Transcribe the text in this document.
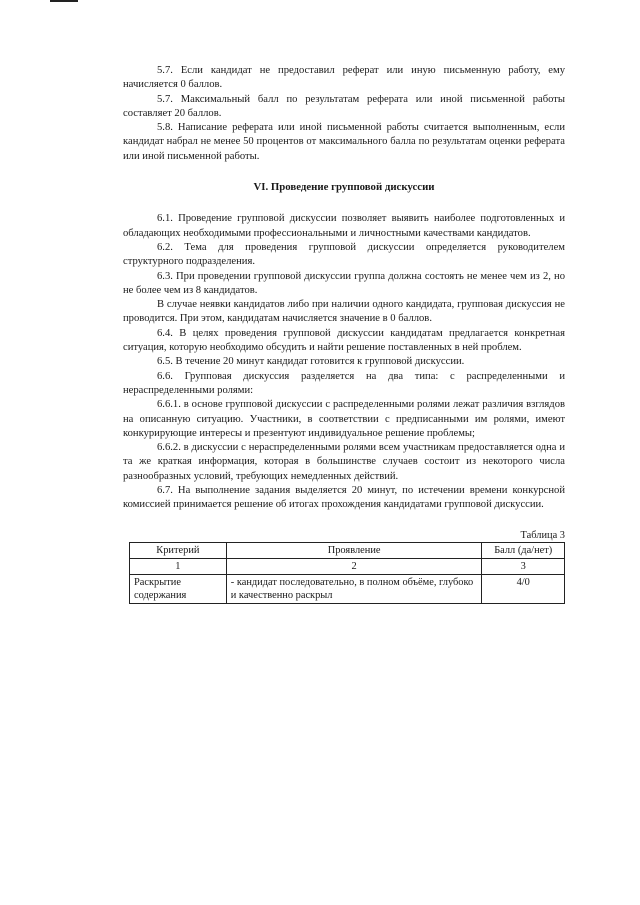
5.7. Если кандидат не предоставил реферат или иную письменную работу, ему начисляется 0 баллов.

5.7. Максимальный балл по результатам реферата или иной письменной работы составляет 20 баллов.

5.8. Написание реферата или иной письменной работы считается выполненным, если кандидат набрал не менее 50 процентов от максимального балла по результатам оценки реферата или иной письменной работы.

VI. Проведение групповой дискуссии

6.1. Проведение групповой дискуссии позволяет выявить наиболее подготовленных и обладающих необходимыми профессиональными и личностными качествами кандидатов.

6.2. Тема для проведения групповой дискуссии определяется руководителем структурного подразделения.

6.3. При проведении групповой дискуссии группа должна состоять не менее чем из 2, но не более чем из 8 кандидатов.

В случае неявки кандидатов либо при наличии одного кандидата, групповая дискуссия не проводится. При этом, кандидатам начисляется значение в 0 баллов.

6.4. В целях проведения групповой дискуссии кандидатам предлагается конкретная ситуация, которую необходимо обсудить и найти решение поставленных в ней проблем.

6.5. В течение 20 минут кандидат готовится к групповой дискуссии.

6.6. Групповая дискуссия разделяется на два типа: с распределенными и нераспределенными ролями:

6.6.1. в основе групповой дискуссии с распределенными ролями лежат различия взглядов на описанную ситуацию. Участники, в соответствии с предписанными им ролями, имеют конкурирующие интересы и презентуют индивидуальное решение проблемы;

6.6.2. в дискуссии с нераспределенными ролями всем участникам предоставляется одна и та же краткая информация, которая в большинстве случаев состоит из некоторого числа разнообразных условий, требующих немедленных действий.

6.7. На выполнение задания выделяется 20 минут, по истечении времени конкурсной комиссией принимается решение об итогах прохождения кандидатами групповой дискуссии.

Таблица 3
Критерий	Проявление	Балл (да/нет)
1	2	3
Раскрытие содержания	- кандидат последовательно, в полном объёме, глубоко и качественно раскрыл	4/0
